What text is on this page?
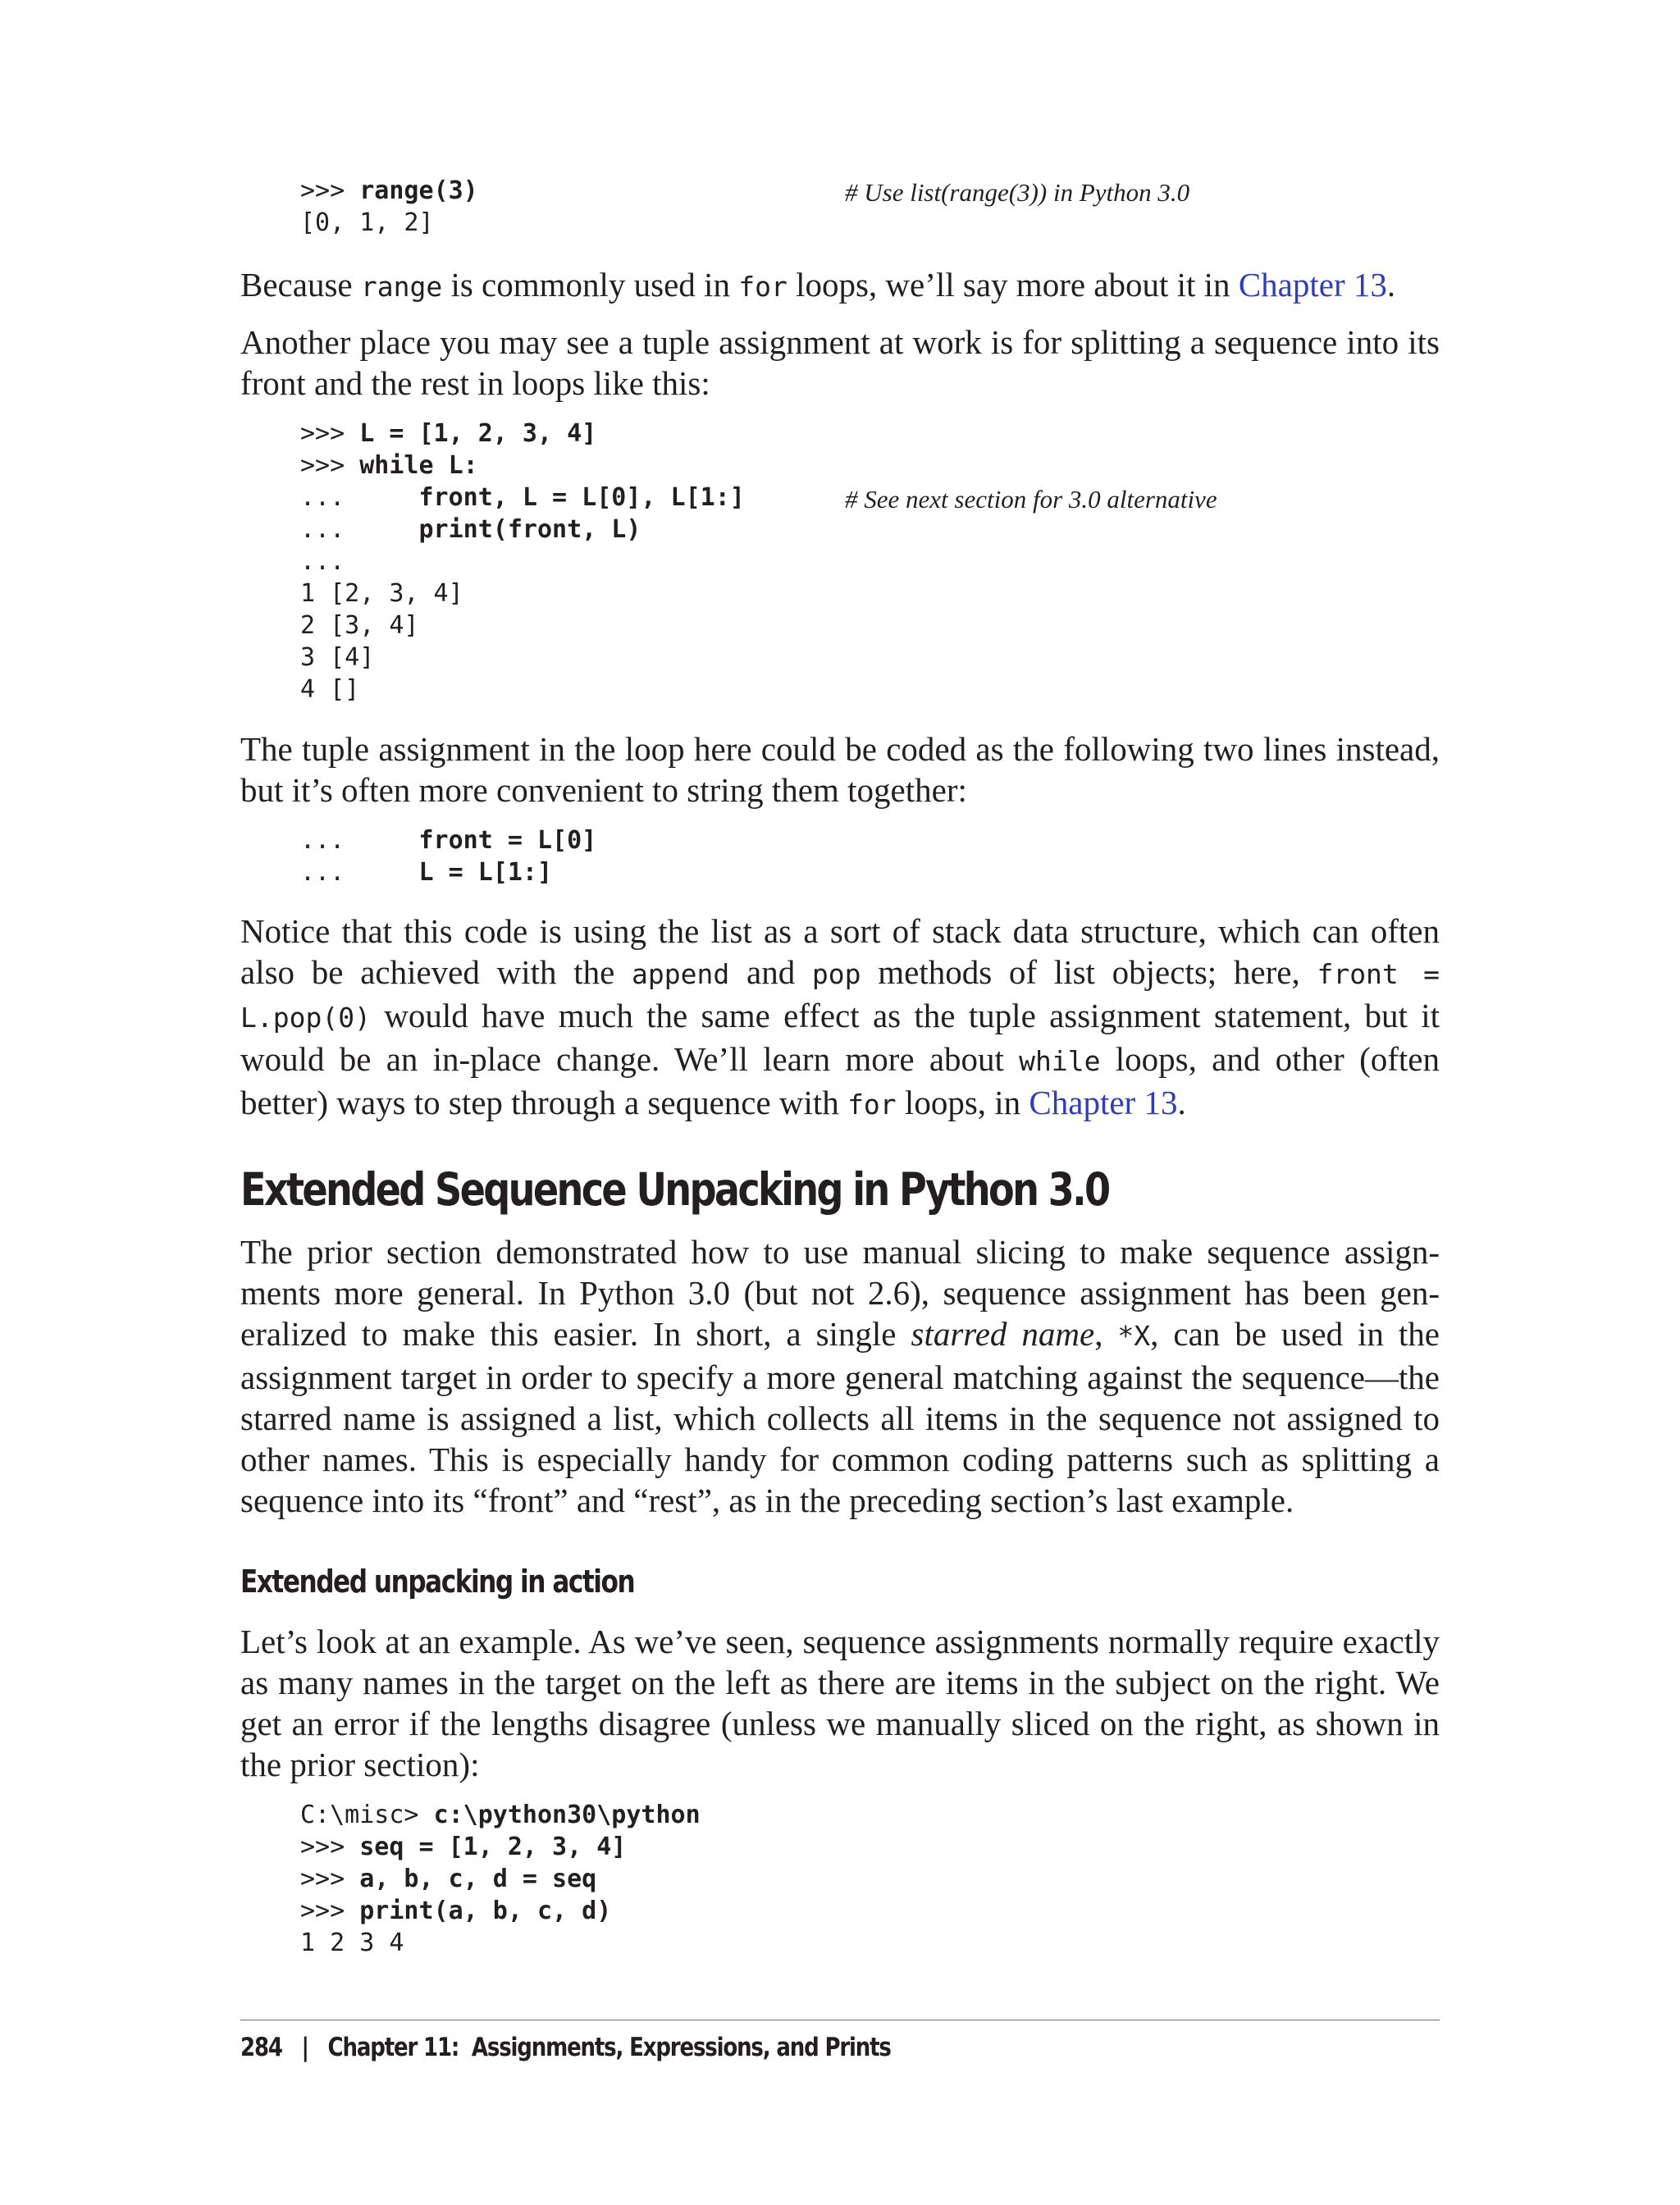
>>> range(3)	# Use list(range(3)) in Python 3.0

[0, 1, 2]

Because range is commonly used in for loops, we’ll say more about it in Chapter 13.

Another place you may see a tuple assignment at work is for splitting a sequence into its front and the rest in loops like this:

>>> L = [1, 2, 3, 4]
>>> while L:
...     front, L = L[0], L[1:]	# See next section for 3.0 alternative

...     print(front, L)
...
1 [2, 3, 4]
2 [3, 4]
3 [4]
4 []

The tuple assignment in the loop here could be coded as the following two lines instead, but it’s often more convenient to string them together:

...     front = L[0]
...     L = L[1:]

Notice that this code is using the list as a sort of stack data structure, which can often also be achieved with the append and pop methods of list objects; here, front = L.pop(0) would have much the same effect as the tuple assignment statement, but it would be an in-place change. We’ll learn more about while loops, and other (often better) ways to step through a sequence with for loops, in Chapter 13.

Extended Sequence Unpacking in Python 3.0

The prior section demonstrated how to use manual slicing to make sequence assign-ments more general. In Python 3.0 (but not 2.6), sequence assignment has been gen-eralized to make this easier. In short, a single starred name, *X, can be used in the assignment target in order to specify a more general matching against the sequence—the starred name is assigned a list, which collects all items in the sequence not assigned to other names. This is especially handy for common coding patterns such as splitting a sequence into its “front” and “rest”, as in the preceding section’s last example.

Extended unpacking in action

Let’s look at an example. As we’ve seen, sequence assignments normally require exactly as many names in the target on the left as there are items in the subject on the right. We get an error if the lengths disagree (unless we manually sliced on the right, as shown in the prior section):

C:\misc> c:\python30\python
>>> seq = [1, 2, 3, 4]
>>> a, b, c, d = seq
>>> print(a, b, c, d)
1 2 3 4
284 | Chapter 11:  Assignments, Expressions, and Prints
